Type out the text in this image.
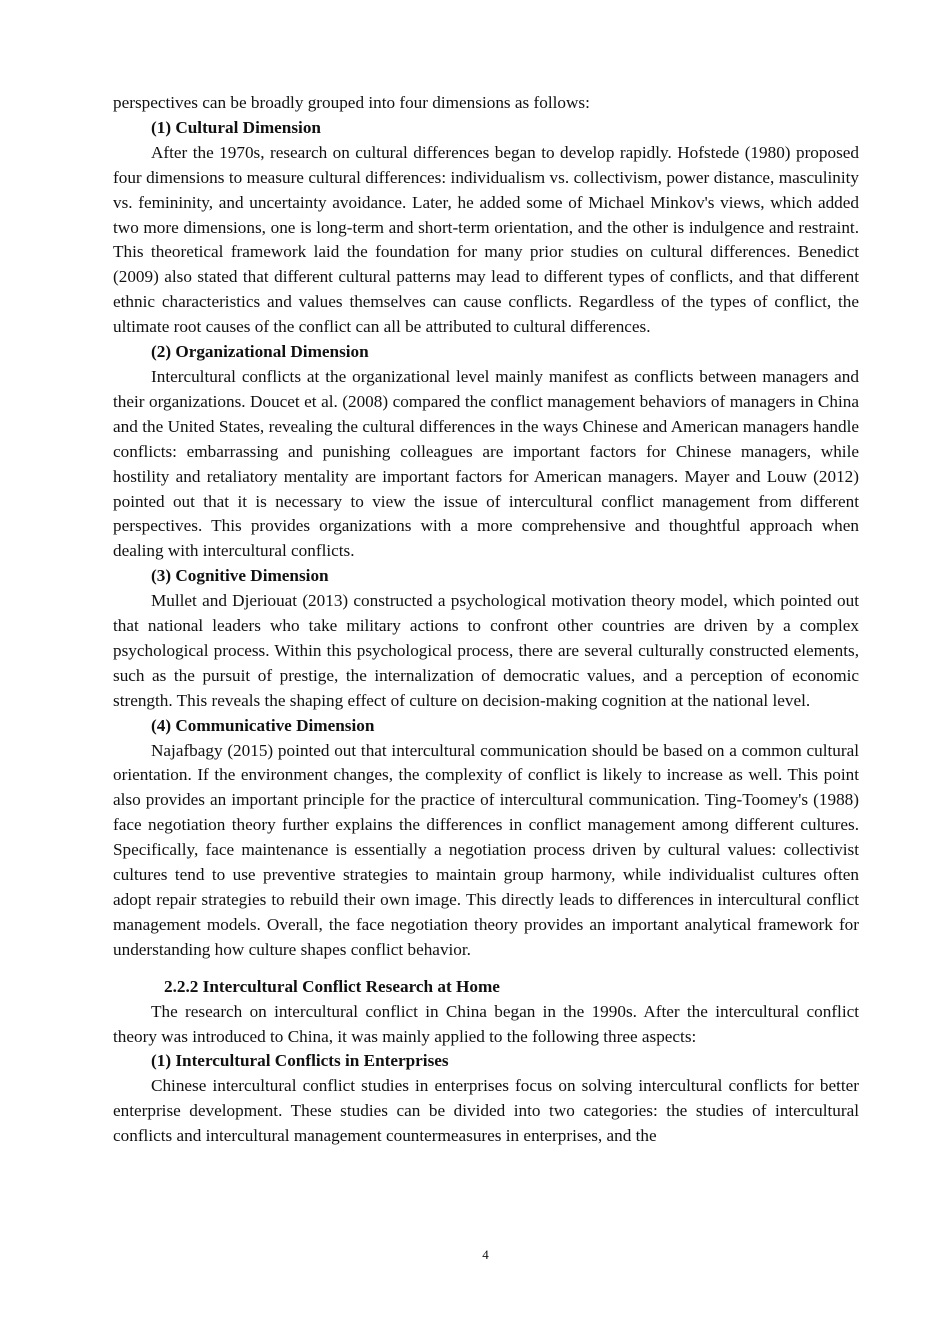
perspectives can be broadly grouped into four dimensions as follows:

(1) Cultural Dimension

After the 1970s, research on cultural differences began to develop rapidly. Hofstede (1980) proposed four dimensions to measure cultural differences: individualism vs. collectivism, power distance, masculinity vs. femininity, and uncertainty avoidance. Later, he added some of Michael Minkov's views, which added two more dimensions, one is long-term and short-term orientation, and the other is indulgence and restraint. This theoretical framework laid the foundation for many prior studies on cultural differences. Benedict (2009) also stated that different cultural patterns may lead to different types of conflicts, and that different ethnic characteristics and values themselves can cause conflicts. Regardless of the types of conflict, the ultimate root causes of the conflict can all be attributed to cultural differences.

(2) Organizational Dimension

Intercultural conflicts at the organizational level mainly manifest as conflicts between managers and their organizations. Doucet et al. (2008) compared the conflict management behaviors of managers in China and the United States, revealing the cultural differences in the ways Chinese and American managers handle conflicts: embarrassing and punishing colleagues are important factors for Chinese managers, while hostility and retaliatory mentality are important factors for American managers. Mayer and Louw (2012) pointed out that it is necessary to view the issue of intercultural conflict management from different perspectives. This provides organizations with a more comprehensive and thoughtful approach when dealing with intercultural conflicts.

(3) Cognitive Dimension

Mullet and Djeriouat (2013) constructed a psychological motivation theory model, which pointed out that national leaders who take military actions to confront other countries are driven by a complex psychological process. Within this psychological process, there are several culturally constructed elements, such as the pursuit of prestige, the internalization of democratic values, and a perception of economic strength. This reveals the shaping effect of culture on decision-making cognition at the national level.

(4) Communicative Dimension

Najafbagy (2015) pointed out that intercultural communication should be based on a common cultural orientation. If the environment changes, the complexity of conflict is likely to increase as well. This point also provides an important principle for the practice of intercultural communication. Ting-Toomey's (1988) face negotiation theory further explains the differences in conflict management among different cultures. Specifically, face maintenance is essentially a negotiation process driven by cultural values: collectivist cultures tend to use preventive strategies to maintain group harmony, while individualist cultures often adopt repair strategies to rebuild their own image. This directly leads to differences in intercultural conflict management models. Overall, the face negotiation theory provides an important analytical framework for understanding how culture shapes conflict behavior.

2.2.2 Intercultural Conflict Research at Home

The research on intercultural conflict in China began in the 1990s. After the intercultural conflict theory was introduced to China, it was mainly applied to the following three aspects:

(1) Intercultural Conflicts in Enterprises

Chinese intercultural conflict studies in enterprises focus on solving intercultural conflicts for better enterprise development. These studies can be divided into two categories: the studies of intercultural conflicts and intercultural management countermeasures in enterprises, and the

4
